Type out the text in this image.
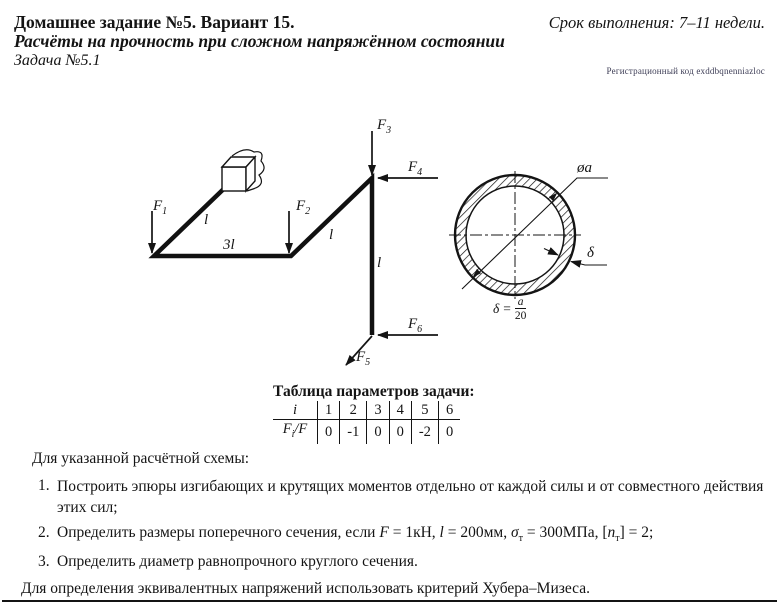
Домашнее задание №5. Вариант 15.	Срок выполнения: 7–11 недели.
Расчёты на прочность при сложном напряжённом состоянии
Задача №5.1
Регистрационный код exddbqnenniazloc
$F_1$	$F_2$
$F_3$
$F_4$
$F_5$
$F_6$
l
3l
l
l
øa
δ
$\delta = \frac{a}{20}$
Таблица параметров задачи:
i	1	2	3	4	5	6
$F_i/F$	0	-1	0	0	-2	0
Для указанной расчётной схемы:
1. Построить эпюры изгибающих и крутящих моментов отдельно от каждой силы и от совместного действия
этих сил;
2. Определить размеры поперечного сечения, если F = 1кН, l = 200мм, $\sigma_т = 300МПа$, $[n_т] = 2$;
3. Определить диаметр равнопрочного круглого сечения.
Для определения эквивалентных напряжений использовать критерий Хубера–Мизеса.
